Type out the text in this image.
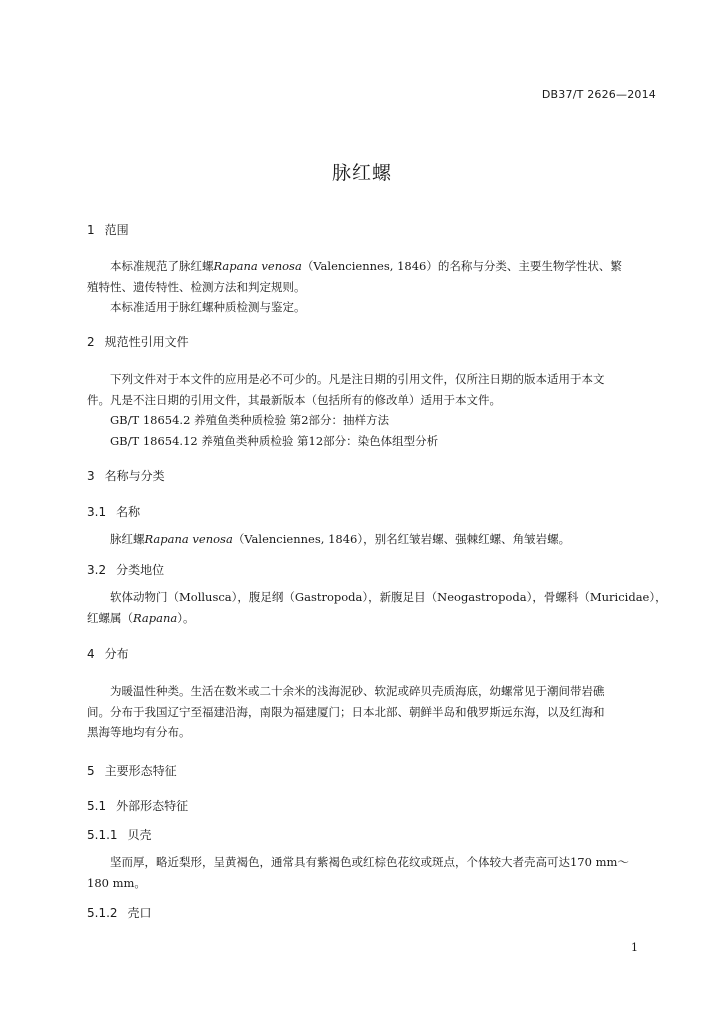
DB37/T 2626—2014
脉红螺
1 范围
本标准规范了脉红螺Rapana venosa（Valenciennes, 1846）的名称与分类、主要生物学性状、繁
殖特性、遗传特性、检测方法和判定规则。
本标准适用于脉红螺种质检测与鉴定。
2 规范性引用文件
下列文件对于本文件的应用是必不可少的。凡是注日期的引用文件，仅所注日期的版本适用于本文
件。凡是不注日期的引用文件，其最新版本（包括所有的修改单）适用于本文件。
GB/T 18654.2 养殖鱼类种质检验 第2部分：抽样方法
GB/T 18654.12 养殖鱼类种质检验 第12部分：染色体组型分析
3 名称与分类
3.1 名称
脉红螺Rapana venosa（Valenciennes, 1846），别名红皱岩螺、强棘红螺、角皱岩螺。
3.2 分类地位
软体动物门（Mollusca），腹足纲（Gastropoda），新腹足目（Neogastropoda），骨螺科（Muricidae），
红螺属（Rapana）。
4 分布
为暖温性种类。生活在数米或二十余米的浅海泥砂、软泥或碎贝壳质海底，幼螺常见于潮间带岩礁
间。分布于我国辽宁至福建沿海，南限为福建厦门；日本北部、朝鲜半岛和俄罗斯远东海，以及红海和
黑海等地均有分布。
5 主要形态特征
5.1 外部形态特征
5.1.1 贝壳
坚而厚，略近梨形，呈黄褐色，通常具有紫褐色或红棕色花纹或斑点，个体较大者壳高可达170 mm～
180 mm。
5.1.2 壳口
1
